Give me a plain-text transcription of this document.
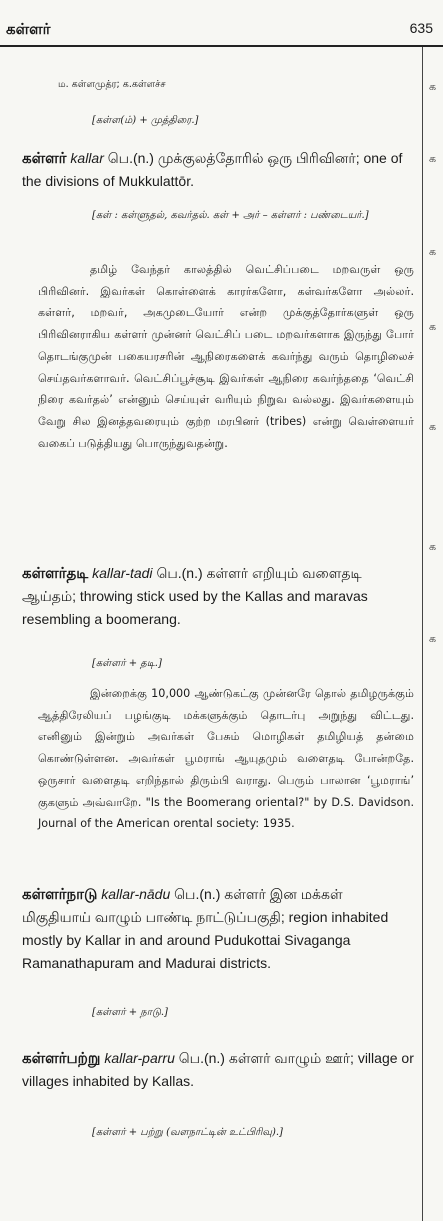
கள்ளர்	635
க
க
க
க
க
க
க
ம. கள்ளமுத்ர; க.கள்ளச்ச
[கள்ள(ம்) + முத்திரை.]
கள்ளர் kallar பெ.(n.) முக்குலத்தோரில் ஒரு பிரிவினர்; one of the divisions of Mukkulattōr.
[கள் : கள்ளுதல், கவர்தல். கள் + அர் – கள்ளர் : பண்டையர்.]
தமிழ் வேந்தர் காலத்தில் வெட்சிப்படை மறவருள் ஒரு பிரிவினர். இவர்கள் கொள்ளைக் காரர்களோ, கள்வர்களோ அல்லர். கள்ளர், மறவர், அகமுடையோர் என்ற முக்குத்தோர்களுள் ஒரு பிரிவினராகிய கள்ளர் முன்னர் வெட்சிப் படை மறவர்களாக இருந்து போர் தொடங்குமுன் பகையரசரின் ஆநிரைகளைக் கவர்ந்து வரும் தொழிலைச் செய்தவர்களாவர். வெட்சிப்பூச்சூடி இவர்கள் ஆநிரை கவர்ந்ததை ‘வெட்சி நிரை கவர்தல்’ என்னும் செய்யுள் வரியும் நிறுவ வல்லது. இவர்களையும் வேறு சில இனத்தவரையும் குற்ற மரபினர் (tribes) என்று வெள்ளையர் வகைப் படுத்தியது பொருந்துவதன்று.
கள்ளர்தடி kallar-tadi பெ.(n.) கள்ளர் எறியும் வளைதடி ஆய்தம்; throwing stick used by the Kallas and maravas resembling a boomerang.
[கள்ளர் + தடி.]
இன்றைக்கு 10,000 ஆண்டுகட்கு முன்னரே தொல் தமிழருக்கும் ஆத்திரேலியப் பழங்குடி மக்களுக்கும் தொடர்பு அறுந்து விட்டது. எனினும் இன்றும் அவர்கள் பேசும் மொழிகள் தமிழியத் தன்மை கொண்டுள்ளன. அவர்கள் பூமராங் ஆயுதமும் வளைதடி போன்றதே. ஒருசார் வளைதடி எறிந்தால் திரும்பி வராது. பெரும் பாலான ‘பூமராங்’ குகளும் அவ்வாறே. "Is the Boomerang oriental?" by D.S. Davidson. Journal of the American orental society: 1935.
கள்ளர்நாடு kallar-nādu பெ.(n.) கள்ளர் இன மக்கள் மிகுதியாய் வாழும் பாண்டி நாட்டுப்பகுதி; region inhabited mostly by Kallar in and around Pudukottai Sivaganga Ramanathapuram and Madurai districts.
[கள்ளர் + நாடு.]
கள்ளர்பற்று kallar-parru பெ.(n.) கள்ளர் வாழும் ஊர்; village or villages inhabited by Kallas.
[கள்ளர் + பற்று (வளநாட்டின் உட்பிரிவு).]
